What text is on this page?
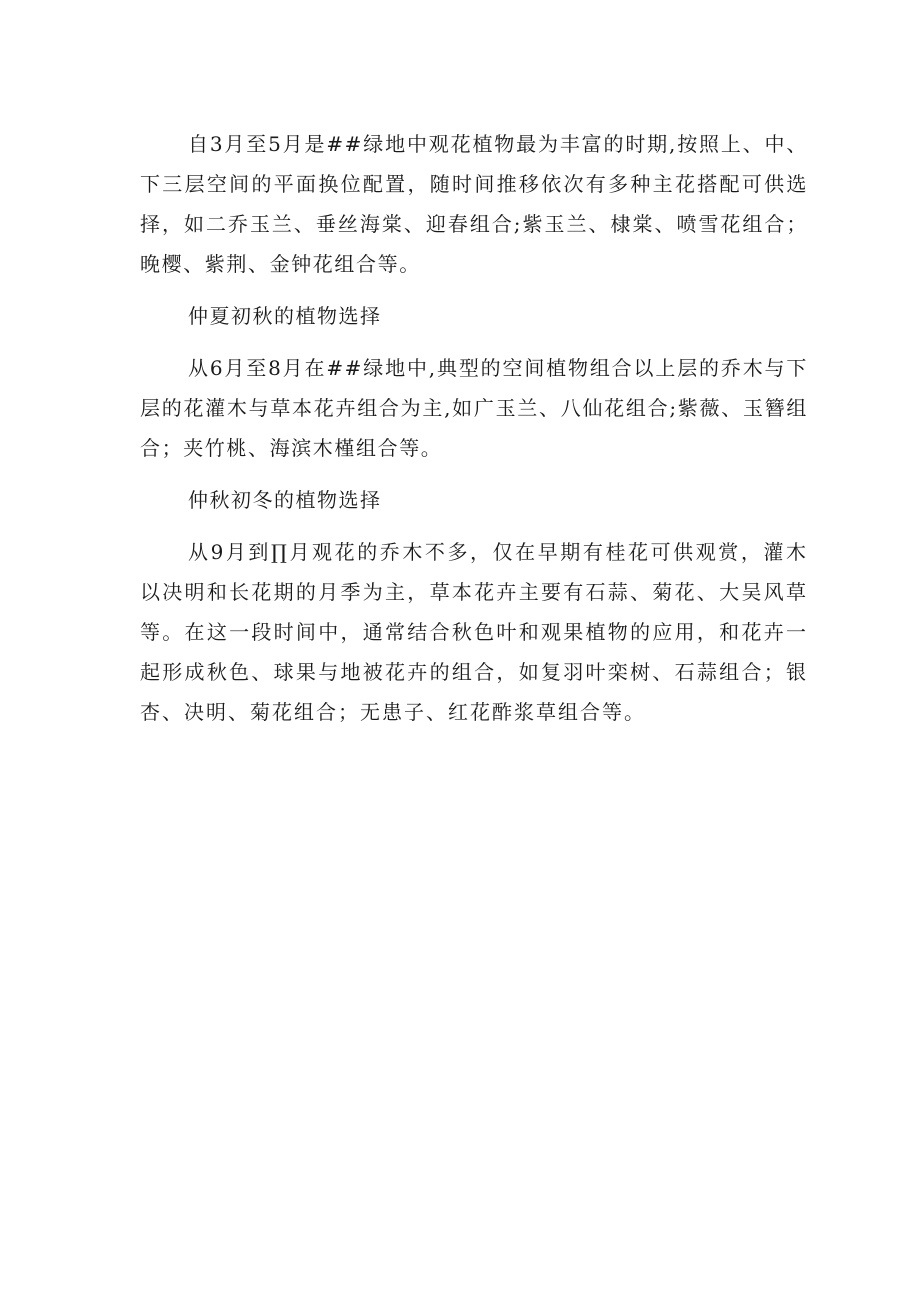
自3月至5月是##绿地中观花植物最为丰富的时期,按照上、中、下三层空间的平面换位配置，随时间推移依次有多种主花搭配可供选择，如二乔玉兰、垂丝海棠、迎春组合;紫玉兰、棣棠、喷雪花组合；晚樱、紫荆、金钟花组合等。

仲夏初秋的植物选择

从6月至8月在##绿地中,典型的空间植物组合以上层的乔木与下层的花灌木与草本花卉组合为主,如广玉兰、八仙花组合;紫薇、玉簪组合；夹竹桃、海滨木槿组合等。

仲秋初冬的植物选择

从9月到∏月观花的乔木不多，仅在早期有桂花可供观赏，灌木以决明和长花期的月季为主，草本花卉主要有石蒜、菊花、大吴风草等。在这一段时间中，通常结合秋色叶和观果植物的应用，和花卉一起形成秋色、球果与地被花卉的组合，如复羽叶栾树、石蒜组合；银杏、决明、菊花组合；无患子、红花酢浆草组合等。
